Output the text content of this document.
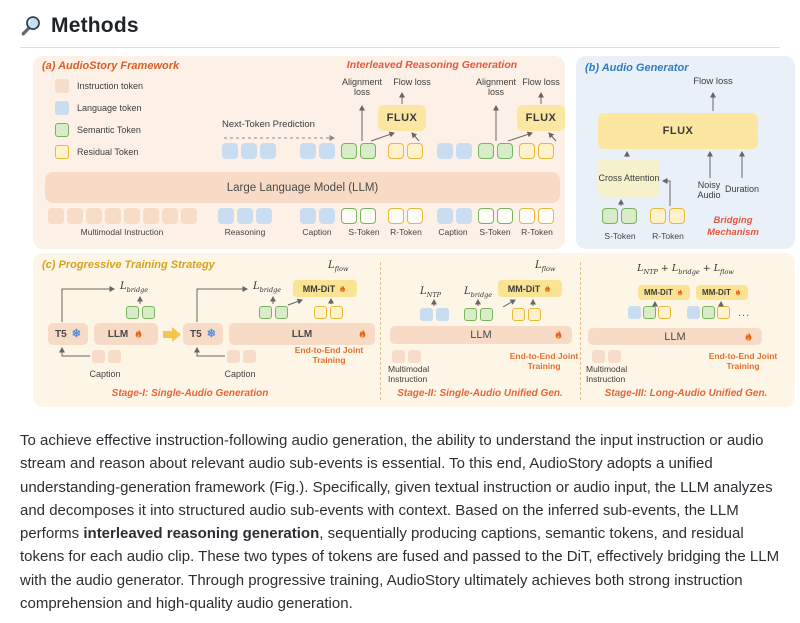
Methods
(a) AudioStory Framework
Instruction token
Language token
Semantic Token
Residual Token
Interleaved Reasoning Generation
Next-Token Prediction
Alignment loss
Flow loss	Alignment loss
Flow loss
FLUX	FLUX
Large Language Model (LLM)
Multimodal Instruction	Reasoning	Caption	S-Token	R-Token	Caption	S-Token	R-Token
(b) Audio Generator
Flow loss
FLUX
Cross Attention
Noisy Audio
Duration
S-Token	R-Token
Bridging Mechanism
(c) Progressive Training Strategy
$L_{bridge}$
T5 ❄	LLM
Caption
T5 ❄	LLM
$L_{bridge}$ MM-DiT
$L_{flow}$
Caption
End-to-End Joint Training
Stage-I: Single-Audio Generation
$L_{NTP}$ $L_{bridge}$
MM-DiT
$L_{flow}$
LLM
Multimodal
Instruction
End-to-End Joint Training
Stage-II: Single-Audio Unified Gen.
$L_{NTP} + L_{bridge} + L_{flow}$
MM-DiT	MM-DiT
...
LLM
Multimodal
Instruction
End-to-End Joint Training
Stage-III: Long-Audio Unified Gen.

To achieve effective instruction-following audio generation, the ability to understand the input instruction or audio stream and reason about relevant audio sub-events is essential. To this end, AudioStory adopts a unified understanding-generation framework (Fig.). Specifically, given textual instruction or audio input, the LLM analyzes and decomposes it into structured audio sub-events with context. Based on the inferred sub-events, the LLM performs interleaved reasoning generation, sequentially producing captions, semantic tokens, and residual tokens for each audio clip. These two types of tokens are fused and passed to the DiT, effectively bridging the LLM with the audio generator. Through progressive training, AudioStory ultimately achieves both strong instruction comprehension and high-quality audio generation.
